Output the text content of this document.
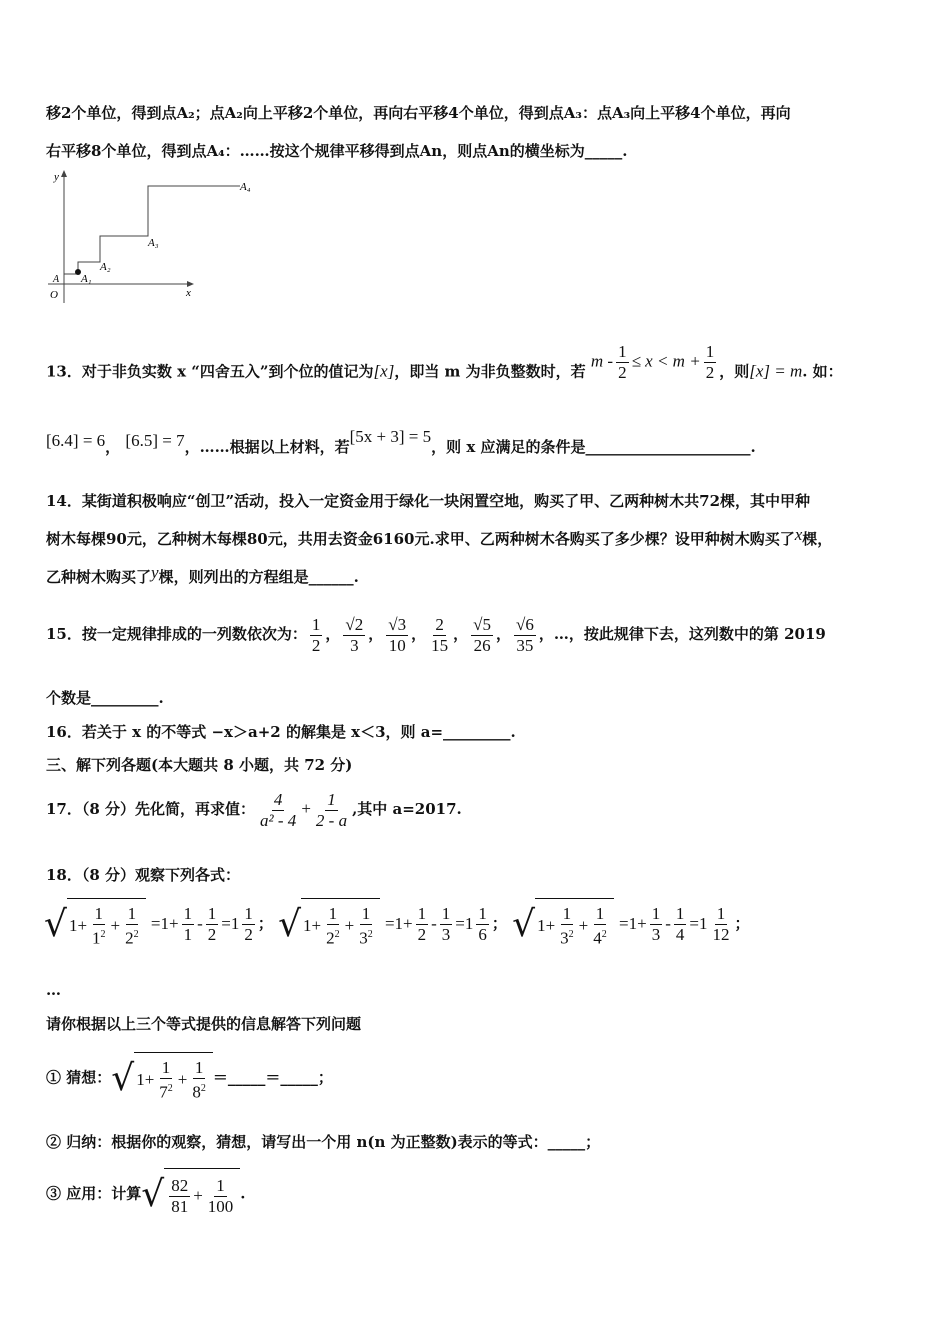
移2个单位，得到点A₂；点A₂向上平移2个单位，再向右平移4个单位，得到点A₃：点A₃向上平移4个单位，再向
右平移8个单位，得到点A₄：……按这个规律平移得到点An，则点An的横坐标为_____.
y
x
O
A A₁
A₂
A₃
A₄
13．对于非负实数 x “四舍五入”到个位的值记为[x]，即当 m 为非负整数时，若 $m - \frac{1}{2} \le x < m + \frac{1}{2}$ ，则[x] = m. 如：
[6.4] = 6， [6.5] = 7，……根据以上材料，若[5x + 3] = 5，则 x 应满足的条件是______________________.
14．某街道积极响应“创卫”活动，投入一定资金用于绿化一块闲置空地，购买了甲、乙两种树木共72棵，其中甲种
树木每棵90元，乙种树木每棵80元，共用去资金6160元.求甲、乙两种树木各购买了多少棵？设甲种树木购买了x棵，
乙种树木购买了y棵，则列出的方程组是______.
15．按一定规律排成的一列数依次为： $\frac{1}{2}$ ， $\frac{√2}{3}$ ， $\frac{√3}{10}$ ， $\frac{2}{15}$ ， $\frac{√5}{26}$ ， $\frac{√6}{35}$ ，…，按此规律下去，这列数中的第 2019
个数是_________.
16．若关于 x 的不等式 −x＞a+2 的解集是 x＜3，则 a=_________.
三、解下列各题(本大题共 8 小题，共 72 分)
17．（8 分）先化简，再求值： $\frac{4}{\text{a² - 4}} + \frac{1}{2 - a}$ ,其中 a=2017.
18．（8 分）观察下列各式：
√ $1+ \frac{1}{1^2} + \frac{1}{2^2} =1+ \frac{1}{1} - \frac{1}{2} =1 \frac{1}{2}$ ； √ $1+ \frac{1}{2^2} + \frac{1}{3^2} =1+ \frac{1}{2} - \frac{1}{3} =1 \frac{1}{6}$ ； √ $1+ \frac{1}{3^2} + \frac{1}{4^2} =1+ \frac{1}{3} - \frac{1}{4} =1 \frac{1}{12}$ ；
…
请你根据以上三个等式提供的信息解答下列问题
① 猜想： √ $1+ \frac{1}{7^2} + \frac{1}{8^2}$ ＝_____＝_____；
② 归纳：根据你的观察，猜想，请写出一个用 n(n 为正整数)表示的等式：_____；
③ 应用：计算 √ $\frac{82}{81} + \frac{1}{100}$ .
